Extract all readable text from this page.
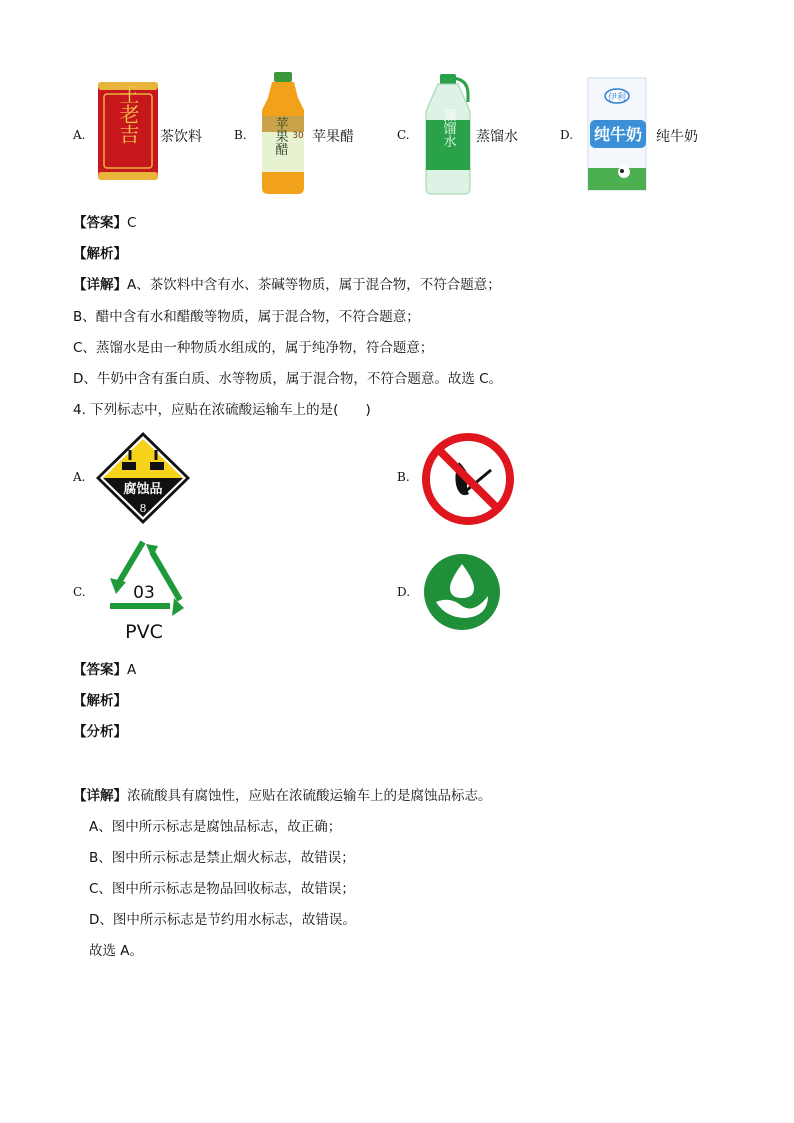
A. 王老吉 茶饮料	B. 苹果醋 30 苹果醋	C. 蒸馏水 蒸馏水	D.
伊利
纯牛奶 纯牛奶
【答案】C
【解析】
【详解】A、茶饮料中含有水、茶碱等物质，属于混合物，不符合题意；
B、醋中含有水和醋酸等物质，属于混合物，不符合题意；
C、蒸馏水是由一种物质水组成的，属于纯净物，符合题意；
D、牛奶中含有蛋白质、水等物质，属于混合物，不符合题意。故选 C。
4. 下列标志中，应贴在浓硫酸运输车上的是(　　)
A.
腐蚀品
8
B.
C.	03
PVC
D.
【答案】A
【解析】
【分析】
【详解】浓硫酸具有腐蚀性，应贴在浓硫酸运输车上的是腐蚀品标志。
A、图中所示标志是腐蚀品标志，故正确；
B、图中所示标志是禁止烟火标志，故错误；
C、图中所示标志是物品回收标志，故错误；
D、图中所示标志是节约用水标志，故错误。
故选 A。
